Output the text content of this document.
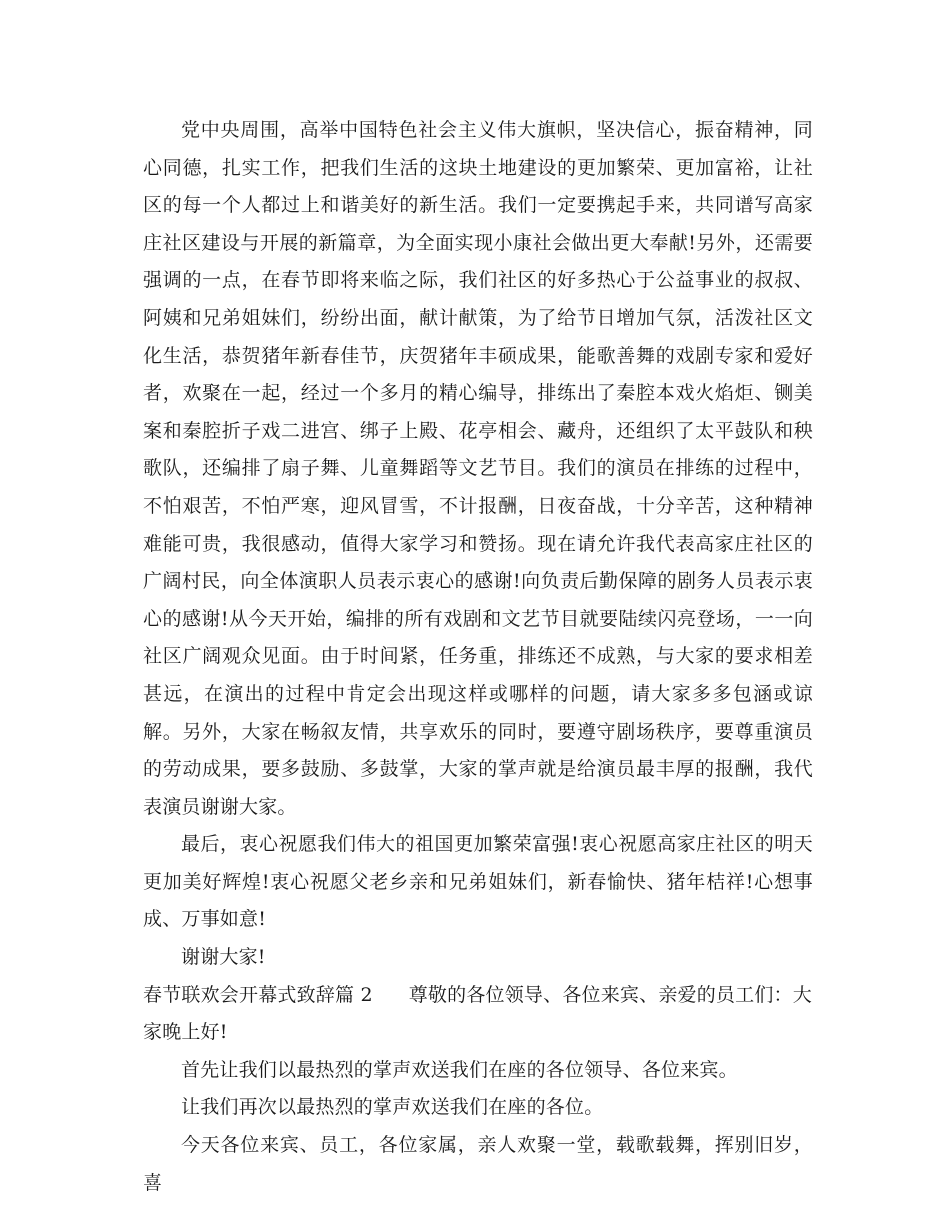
党中央周围，高举中国特色社会主义伟大旗帜，坚决信心，振奋精神，同心同德，扎实工作，把我们生活的这块土地建设的更加繁荣、更加富裕，让社区的每一个人都过上和谐美好的新生活。我们一定要携起手来，共同谱写高家庄社区建设与开展的新篇章，为全面实现小康社会做出更大奉献!另外，还需要强调的一点，在春节即将来临之际，我们社区的好多热心于公益事业的叔叔、阿姨和兄弟姐妹们，纷纷出面，献计献策，为了给节日增加气氛，活泼社区文化生活，恭贺猪年新春佳节，庆贺猪年丰硕成果，能歌善舞的戏剧专家和爱好者，欢聚在一起，经过一个多月的精心编导，排练出了秦腔本戏火焰炬、铡美案和秦腔折子戏二进宫、绑子上殿、花亭相会、藏舟，还组织了太平鼓队和秧歌队，还编排了扇子舞、儿童舞蹈等文艺节目。我们的演员在排练的过程中，不怕艰苦，不怕严寒，迎风冒雪，不计报酬，日夜奋战，十分辛苦，这种精神难能可贵，我很感动，值得大家学习和赞扬。现在请允许我代表高家庄社区的广阔村民，向全体演职人员表示衷心的感谢!向负责后勤保障的剧务人员表示衷心的感谢!从今天开始，编排的所有戏剧和文艺节目就要陆续闪亮登场，一一向社区广阔观众见面。由于时间紧，任务重，排练还不成熟，与大家的要求相差甚远，在演出的过程中肯定会出现这样或哪样的问题，请大家多多包涵或谅解。另外，大家在畅叙友情，共享欢乐的同时，要遵守剧场秩序，要尊重演员的劳动成果，要多鼓励、多鼓掌，大家的掌声就是给演员最丰厚的报酬，我代表演员谢谢大家。

最后，衷心祝愿我们伟大的祖国更加繁荣富强!衷心祝愿高家庄社区的明天更加美好辉煌!衷心祝愿父老乡亲和兄弟姐妹们，新春愉快、猪年桔祥!心想事成、万事如意!

谢谢大家!

春节联欢会开幕式致辞篇 2 尊敬的各位领导、各位来宾、亲爱的员工们：大家晚上好!

首先让我们以最热烈的掌声欢送我们在座的各位领导、各位来宾。

让我们再次以最热烈的掌声欢送我们在座的各位。

今天各位来宾、员工，各位家属，亲人欢聚一堂，载歌载舞，挥别旧岁，喜
